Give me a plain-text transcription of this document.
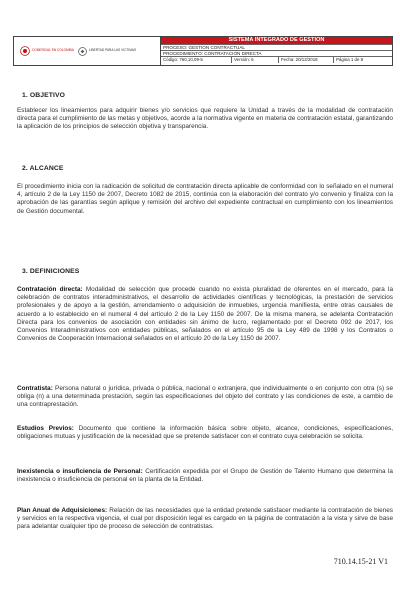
COMERCIAL EN COLOMBIA	LIBERTAD PARA LAS VICTIMAS
SISTEMA INTEGRADO DE GESTION
PROCESO: GESTION CONTRACTUAL
PROCEDIMIENTO: CONTRATACION DIRECTA
Código: 760,10,09-5	Versión: 6	Fecha: 20/12/2018	Página 1 de 8
1. OBJETIVO
Establecer los lineamientos para adquirir bienes y/o servicios que requiere la Unidad a través de la modalidad de contratación directa para el cumplimiento de las metas y objetivos, acorde a la normativa vigente en materia de contratación estatal, garantizando la aplicación de los principios de selección objetiva y transparencia.
2. ALCANCE
El procedimiento inicia con la radicación de solicitud de contratación directa aplicable de conformidad con lo señalado en el numeral 4, artículo 2 de la Ley 1150 de 2007, Decreto 1082 de 2015, continúa con la elaboración del contrato y/o convenio y finaliza con la aprobación de las garantías según aplique y remisión del archivo del expediente contractual en cumplimiento con los lineamientos de Gestión documental.
3. DEFINICIONES
Contratación directa: Modalidad de selección que procede cuando no exista pluralidad de oferentes en el mercado, para la celebración de contratos interadministrativos, el desarrollo de actividades científicas y tecnológicas, la prestación de servicios profesionales y de apoyo a la gestión, arrendamiento o adquisición de inmuebles, urgencia manifiesta, entre otras causales de acuerdo a lo establecido en el numeral 4 del artículo 2 de la Ley 1150 de 2007. De la misma manera, se adelanta Contratación Directa para los convenios de asociación con entidades sin ánimo de lucro, reglamentado por el Decreto 092 de 2017, los Convenios Interadministrativos con entidades públicas, señalados en el artículo 95 de la Ley 489 de 1998 y los Contratos o Convenios de Cooperación Internacional señalados en el artículo 20 de la Ley 1150 de 2007.
Contratista: Persona natural o jurídica, privada o pública, nacional o extranjera, que individualmente o en conjunto con otra (s) se obliga (n) a una determinada prestación, según las especificaciones del objeto del contrato y las condiciones de este, a cambio de una contraprestación.
Estudios Previos: Documento que contiene la información básica sobre objeto, alcance, condiciones, especificaciones, obligaciones mutuas y justificación de la necesidad que se pretende satisfacer con el contrato cuya celebración se solicita.
Inexistencia o insuficiencia de Personal: Certificación expedida por el Grupo de Gestión de Talento Humano que determina la inexistencia o insuficiencia de personal en la planta de la Entidad.
Plan Anual de Adquisiciones: Relación de las necesidades que la entidad pretende satisfacer mediante la contratación de bienes y servicios en la respectiva vigencia, el cual por disposición legal es cargado en la página de contratación a la vista y sirve de base para adelantar cualquier tipo de proceso de selección de contratistas.
710.14.15-21 V1
